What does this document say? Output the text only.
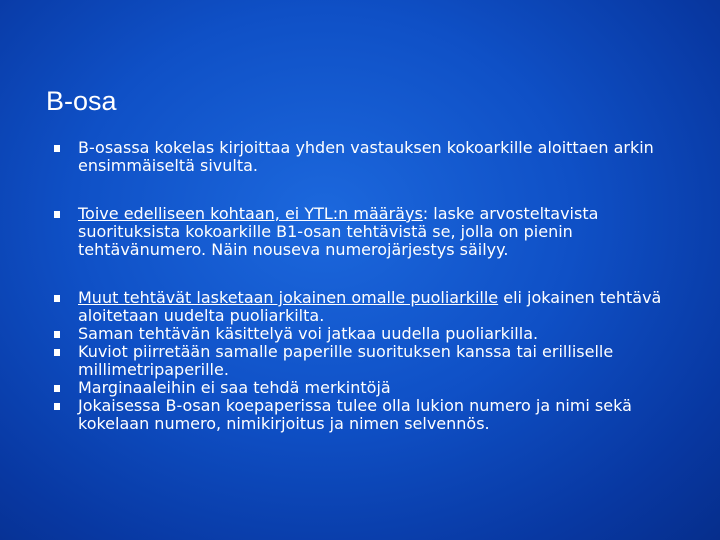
B-osa
B-osassa kokelas kirjoittaa yhden vastauksen kokoarkille aloittaen arkin ensimmäiseltä sivulta.
Toive edelliseen kohtaan, ei YTL:n määräys: laske arvosteltavista suorituksista kokoarkille B1-osan tehtävistä se, jolla on pienin tehtävänumero. Näin nouseva numerojärjestys säilyy.
Muut tehtävät lasketaan jokainen omalle puoliarkille eli jokainen tehtävä aloitetaan uudelta puoliarkilta.
Saman tehtävän käsittelyä voi jatkaa uudella puoliarkilla.
Kuviot piirretään samalle paperille suorituksen kanssa tai erilliselle millimetripaperille.
Marginaaleihin ei saa tehdä merkintöjä
Jokaisessa B-osan koepaperissa tulee olla lukion numero ja nimi sekä kokelaan numero, nimikirjoitus ja nimen selvennös.
